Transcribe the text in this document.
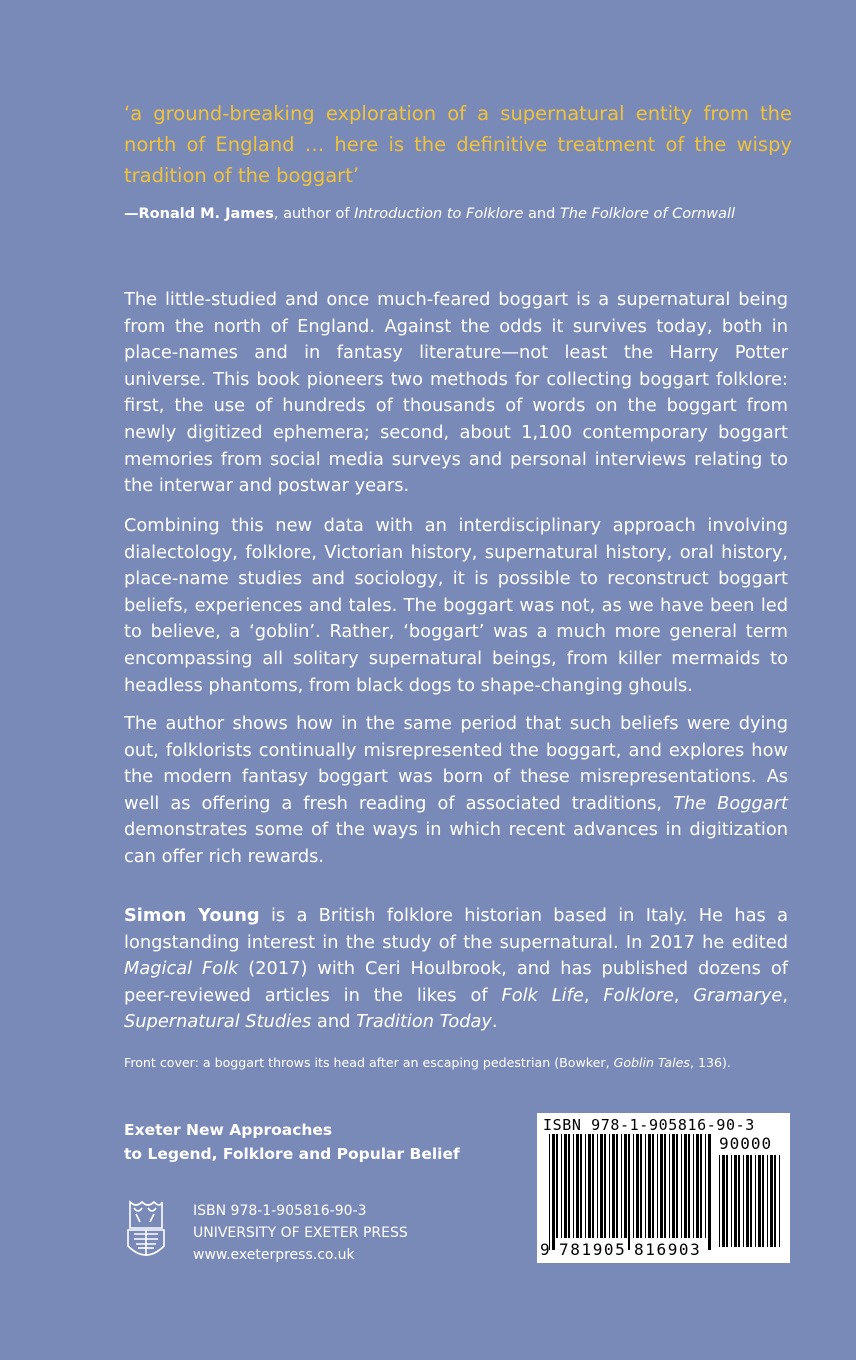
‘a ground-breaking exploration of a supernatural entity from the north of England … here is the definitive treatment of the wispy tradition of the boggart’

—Ronald M. James, author of Introduction to Folklore and The Folklore of Cornwall

The little-studied and once much-feared boggart is a supernatural being from the north of England. Against the odds it survives today, both in place-names and in fantasy literature—not least the Harry Potter universe. This book pioneers two methods for collecting boggart folklore: first, the use of hundreds of thousands of words on the boggart from newly digitized ephemera; second, about 1,100 contemporary boggart memories from social media surveys and personal interviews relating to the interwar and postwar years.

Combining this new data with an interdisciplinary approach involving dialectology, folklore, Victorian history, supernatural history, oral history, place-name studies and sociology, it is possible to reconstruct boggart beliefs, experiences and tales. The boggart was not, as we have been led to believe, a ‘goblin’. Rather, ‘boggart’ was a much more general term encompassing all solitary supernatural beings, from killer mermaids to headless phantoms, from black dogs to shape-changing ghouls.

The author shows how in the same period that such beliefs were dying out, folklorists continually misrepresented the boggart, and explores how the modern fantasy boggart was born of these misrepresentations. As well as offering a fresh reading of associated traditions, The Boggart demonstrates some of the ways in which recent advances in digitization can offer rich rewards.

Simon Young is a British folklore historian based in Italy. He has a longstanding interest in the study of the supernatural. In 2017 he edited Magical Folk (2017) with Ceri Houlbrook, and has published dozens of peer-reviewed articles in the likes of Folk Life, Folklore, Gramarye, Supernatural Studies and Tradition Today.

Front cover: a boggart throws its head after an escaping pedestrian (Bowker, Goblin Tales, 136).

Exeter New Approaches
to Legend, Folklore and Popular Belief
ISBN 978-1-905816-90-3
UNIVERSITY OF EXETER PRESS
www.exeterpress.co.uk
ISBN 978-1-905816-90-3
90000
9 781905 816903
